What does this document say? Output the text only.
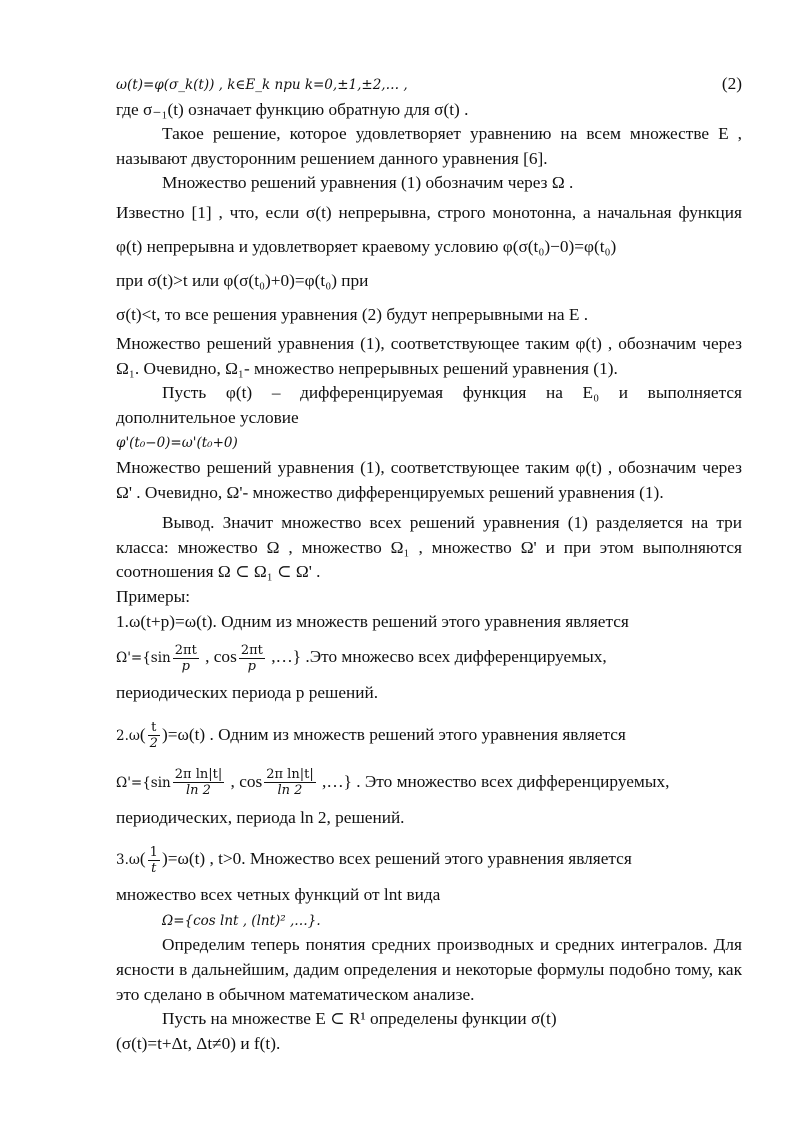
ω(t)=φ(σ_k(t)) , k∈E_k при k=0,±1,±2,… ,	(2)

где σ₋₁(t) означает функцию обратную для σ(t) .

Такое решение, которое удовлетворяет уравнению на всем множестве E , называют двусторонним решением данного уравнения [6].

Множество решений уравнения (1) обозначим через Ω .

Известно [1] , что, если σ(t) непрерывна, строго монотонна, а начальная функция φ(t) непрерывна и удовлетворяет краевому условию φ(σ(t₀)−0)=φ(t₀)

при σ(t)>t или φ(σ(t₀)+0)=φ(t₀) при

σ(t)<t, то все решения уравнения (2) будут непрерывными на E .

Множество решений уравнения (1), соответствующее таким φ(t) , обозначим через Ω₁. Очевидно, Ω₁- множество непрерывных решений уравнения (1).

Пусть φ(t) – дифференцируемая функция на E₀ и выполняется дополнительное условие

φ'(t₀−0)=ω'(t₀+0)

Множество решений уравнения (1), соответствующее таким φ(t) , обозначим через Ω' . Очевидно, Ω'- множество дифференцируемых решений уравнения (1).

Вывод. Значит множество всех решений уравнения (1) разделяется на три класса: множество Ω , множество Ω₁ , множество Ω' и при этом выполняются соотношения Ω ⊂ Ω₁ ⊂ Ω' .

Примеры:

1.ω(t+p)=ω(t). Одним из множеств решений этого уравнения является

$\Omega'=\{\sin \frac{2\pi t}{p}$ , $\cos \frac{2\pi t}{p}$ ,…} .Это множесво всех дифференцируемых,

периодических периода p решений.

$2.\omega( \frac{t}{2} )=\omega(t)$ . Одним из множеств решений этого уравнения является

$\Omega'=\{\sin \frac{\text{2π ln|t|}}{\ln 2}$ , $\cos \frac{\text{2π ln|t|}}{\ln 2}$ ,…} . Это множество всех дифференцируемых,

периодических, периода ln 2, решений.

$3.\omega( \frac{1}{t} )=\omega(t)$ , t>0. Множество всех решений этого уравнения является

множество всех четных функций от lnt вида

Ω={cos lnt , (lnt)² ,…}.

Определим теперь понятия средних производных и средних интегралов. Для ясности в дальнейшим, дадим определения и некоторые формулы подобно тому, как это сделано в обычном математическом анализе.

Пусть на множестве E ⊂ R¹ определены функции σ(t)

(σ(t)=t+Δt, Δt≠0) и f(t).
